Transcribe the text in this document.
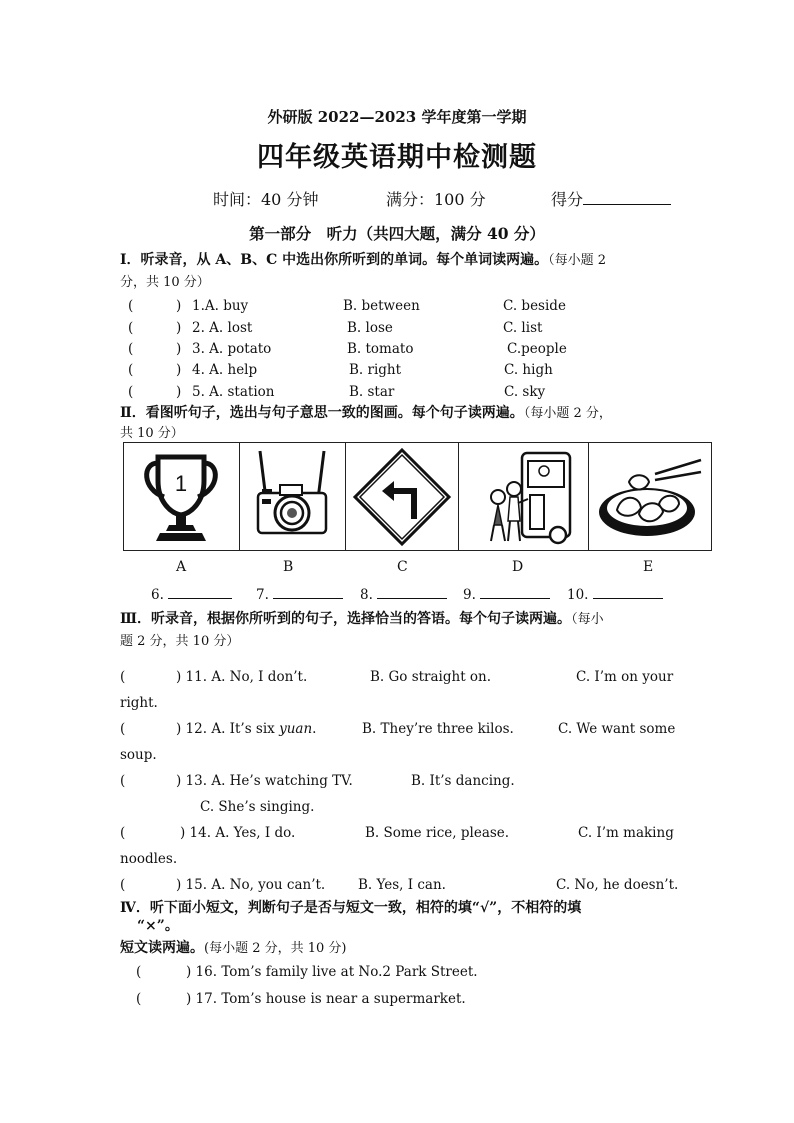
外研版 2022—2023 学年度第一学期
四年级英语期中检测题
时间：40 分钟	满分：100 分	得分
第一部分　听力（共四大题，满分 40 分）
Ⅰ．听录音，从 A、B、C 中选出你所听到的单词。每个单词读两遍。（每小题 2
分，共 10 分）
(	) 1.A. buy	B. between	C. beside
(	) 2. A. lost	B. lose	C. list
(	) 3. A. potato	B. tomato	C.people
(	) 4. A. help	B. right	C. high
(	) 5. A. station	B. star	C. sky
Ⅱ．看图听句子，选出与句子意思一致的图画。每个句子读两遍。（每小题 2 分，
共 10 分）
1
A	B	C	D	E
6.	7.	8.	9.	10.
Ⅲ．听录音，根据你所听到的句子，选择恰当的答语。每个句子读两遍。（每小
题 2 分，共 10 分）
(	) 11. A. No, I don’t.	B. Go straight on.	C. I’m on your
right.
(	) 12. A. It’s six yuan.	B. They’re three kilos.	C. We want some
soup.
(	) 13. A. He’s watching TV.	B. It’s dancing.
C. She’s singing.
(	) 14. A. Yes, I do.	B. Some rice, please.	C. I’m making
noodles.
(	) 15. A. No, you can’t. B. Yes, I can.	C. No, he doesn’t.
Ⅳ．听下面小短文，判断句子是否与短文一致，相符的填“√”，不相符的填
“×”。
短文读两遍。(每小题 2 分，共 10 分)
(	) 16. Tom’s family live at No.2 Park Street.
(	) 17. Tom’s house is near a supermarket.
